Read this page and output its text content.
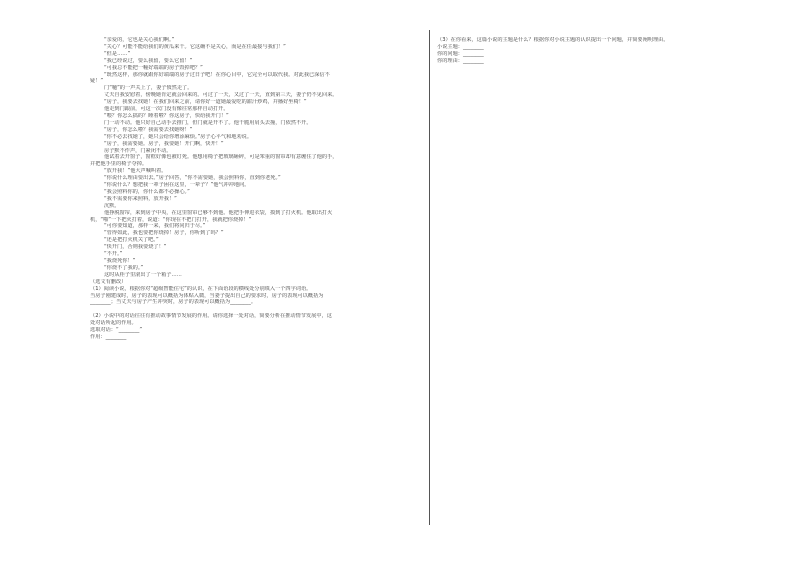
“亲爱的，它也是关心我们啊。”
“关心？可能不能给我们的黄瓜来干。它这确不是关心，而是在任最接与我们！”
“但是……”
“我已经说过，要么我留，要么它留！”
“可我总不能把一幢好端端的房子毁掉吧？”
“既然这样，那你就跟你好端端的房子过日子吧！在你心目中，它完全可以取代我。对此我已深信不
疑！”
门“嗵”的一声关上了，妻子愤然走了。
丈夫自我安慰着，傍晚她肯定就会回来的。可过了一天，又过了一天，直到第三天，妻子仍不见回来。
“房子，我要去找她！在我们回来之前，请你好一道她最爱吃的甜汁炒鸡，并播好坐椅！”
他走到门跟前，可这一次门没有像往常那样自动打开。
“喂？你怎么搞的？睡着啦？你这房子，快给我开门！”
门一动不动。他只好自己动手去推门，但门就是开不了。他干脆用肩头去撞，门依然不开。
“房子，你怎么啦？我需要去找她呀！”
“你不必去找她了，她只会给你增添麻烦。”房子心平气和地劝说。
“房子，我需要她。房子，我要她！开门啊，快开！”
房子默不作声，门紧闭不动。
他试着去开窗子，窗框好像也被钉死。他想用椅子把玻璃砸碎，可是笨重的窗帘却有意缠住了他的手，
并把他手里的椅子夺掉。
“放开我！”他大声喊叫着。
“你说什么理由要出去。”房子回答，“你不需要她，我会照料你，直到你老死。”
“你说什么？想把我一辈子困在这里，一辈子？”他气冲冲地问。
“我会照料你的，你什么都不必操心。”
“我不需要你来照料，放开我！”
沉默。
他挣脱窗帘，来到房子中央，在这里窗帘已够不到他。他把手伸进衣袋，摸到了打火机。他取出打火
机，“啪”一下把火打着，说道：“你现在不把门打开，我就把你烧掉！”
“可你要知道，那样一来，我们将同归于尽。”
“管得如此，我也要把你烧掉！房子，你听到了吗？”
“还是把打火机关了吧。”
“快开门，否则我要烧了！”
“不开。”
“我烧死你！”
“你烧不了我的。”
这时从柜子里滚出了一个箱子……
（选文有删改）
（1）阅读小说，根据你对“超级智能住宅”的认识，在下面语段的横线处分别填入一个四字词语。
当房子刚建成时，房子的表现可以概括为体贴入微，当妻子提出自己的要求时，房子的表现可以概括为
________；当丈夫与房子产生冲突时，房子的表现可以概括为________。
（2）小说中的对话往往有推动故事情节发展的作用。请你选择一处对话，简要分析在推动情节发展中，这
处对话所起的作用。
选取对话：“________”
作用：________
（3）在你看来，这篇小说的主题是什么？根据你对小说主题的认识提出一个问题，并简要阐明理由。
小说主题：________
你的问题：________
你的理由：________
